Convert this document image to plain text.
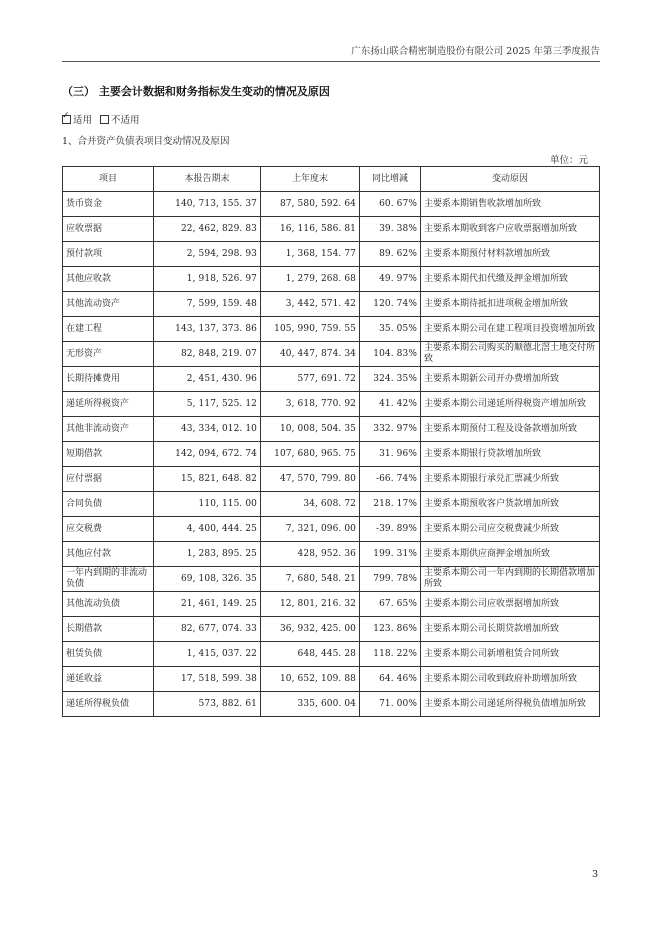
广东扬山联合精密制造股份有限公司 2025 年第三季度报告
（三） 主要会计数据和财务指标发生变动的情况及原因
✓适用 不适用
1、合并资产负债表项目变动情况及原因
单位：元
项目	本报告期末	上年度末	同比增减	变动原因
货币资金	140, 713, 155. 37	87, 580, 592. 64	60. 67%	主要系本期销售收款增加所致
应收票据	22, 462, 829. 83	16, 116, 586. 81	39. 38%	主要系本期收到客户应收票据增加所致
预付款项	2, 594, 298. 93	1, 368, 154. 77	89. 62%	主要系本期预付材料款增加所致
其他应收款	1, 918, 526. 97	1, 279, 268. 68	49. 97%	主要系本期代扣代缴及押金增加所致
其他流动资产	7, 599, 159. 48	3, 442, 571. 42	120. 74%	主要系本期待抵扣进项税金增加所致
在建工程	143, 137, 373. 86	105, 990, 759. 55	35. 05%	主要系本期公司在建工程项目投资增加所致
无形资产	82, 848, 219. 07	40, 447, 874. 34	104. 83%	主要系本期公司购买的顺德北滘土地交付所致
长期待摊费用	2, 451, 430. 96	577, 691. 72	324. 35%	主要系本期新公司开办费增加所致
递延所得税资产	5, 117, 525. 12	3, 618, 770. 92	41. 42%	主要系本期公司递延所得税资产增加所致
其他非流动资产	43, 334, 012. 10	10, 008, 504. 35	332. 97%	主要系本期预付工程及设备款增加所致
短期借款	142, 094, 672. 74	107, 680, 965. 75	31. 96%	主要系本期银行贷款增加所致
应付票据	15, 821, 648. 82	47, 570, 799. 80	-66. 74%	主要系本期银行承兑汇票减少所致
合同负债	110, 115. 00	34, 608. 72	218. 17%	主要系本期预收客户货款增加所致
应交税费	4, 400, 444. 25	7, 321, 096. 00	-39. 89%	主要系本期公司应交税费减少所致
其他应付款	1, 283, 895. 25	428, 952. 36	199. 31%	主要系本期供应商押金增加所致
一年内到期的非流动负债	69, 108, 326. 35	7, 680, 548. 21	799. 78%	主要系本期公司一年内到期的长期借款增加所致
其他流动负债	21, 461, 149. 25	12, 801, 216. 32	67. 65%	主要系本期公司应收票据增加所致
长期借款	82, 677, 074. 33	36, 932, 425. 00	123. 86%	主要系本期公司长期贷款增加所致
租赁负债	1, 415, 037. 22	648, 445. 28	118. 22%	主要系本期公司新增租赁合同所致
递延收益	17, 518, 599. 38	10, 652, 109. 88	64. 46%	主要系本期公司收到政府补助增加所致
递延所得税负债	573, 882. 61	335, 600. 04	71. 00%	主要系本期公司递延所得税负债增加所致
3
